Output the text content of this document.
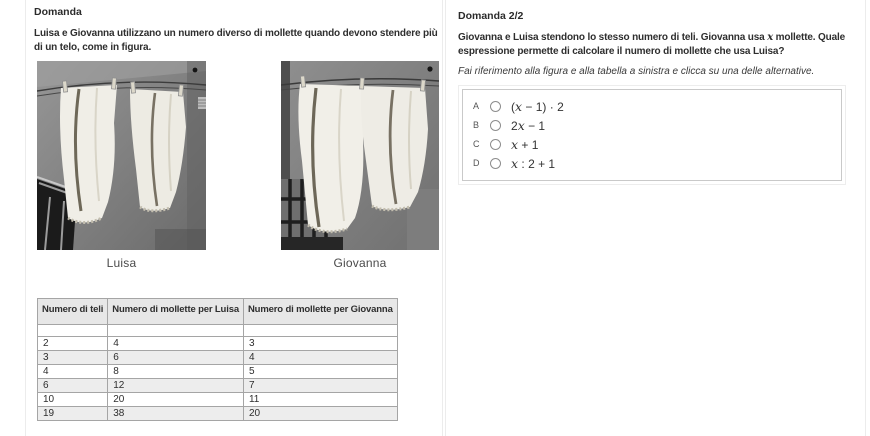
Domanda
Luisa e Giovanna utilizzano un numero diverso di mollette quando devono stendere più di un telo, come in figura.
Luisa	Giovanna
Numero di teli	Numero di mollette per Luisa	Numero di mollette per Giovanna

2	4	3
3	6	4
4	8	5
6	12	7
10	20	11
19	38	20
Domanda 2/2
Giovanna e Luisa stendono lo stesso numero di teli. Giovanna usa x mollette. Quale espressione permette di calcolare il numero di mollette che usa Luisa?
Fai riferimento alla figura e alla tabella a sinistra e clicca su una delle alternative.
A	(x − 1) · 2
B	2x − 1
C	x + 1
D	x : 2 + 1
